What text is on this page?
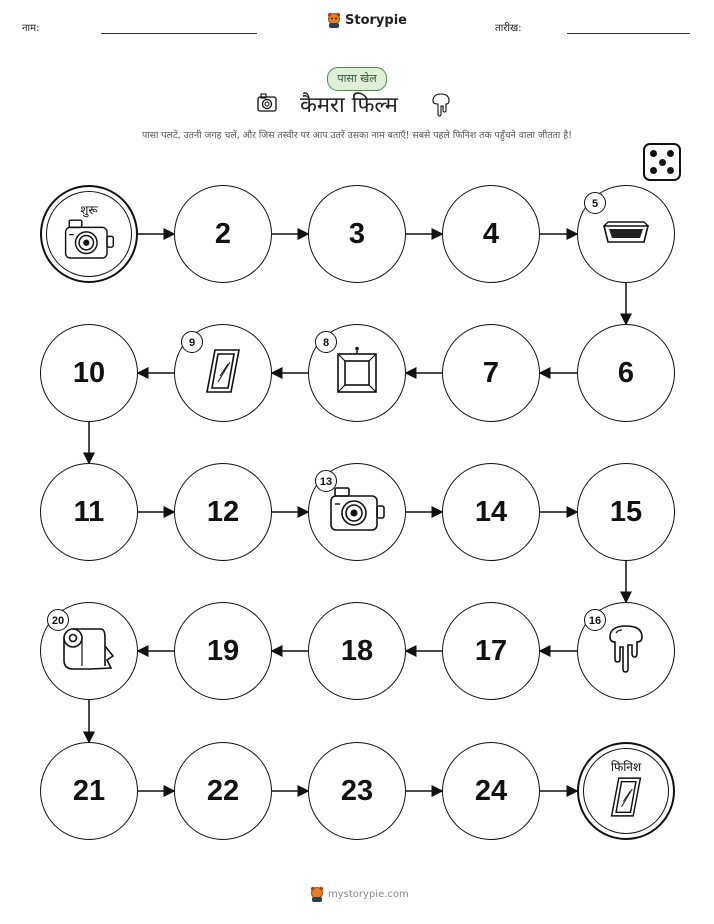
नाम:
Storypie
तारीख:
पासा खेल
कैमरा फिल्म
पासा पलटें, उतनी जगह चलें, और जिस तस्वीर पर आप उतरें उसका नाम बताएँ! सबसे पहले फिनिश तक पहुँचने वाला जीतता है!
शुरू
2	3	4
5
6
7
8
9
10
11	12
13
14	15
16
17
18
19
20
21	22	23	24
फिनिश
mystorypie.com
